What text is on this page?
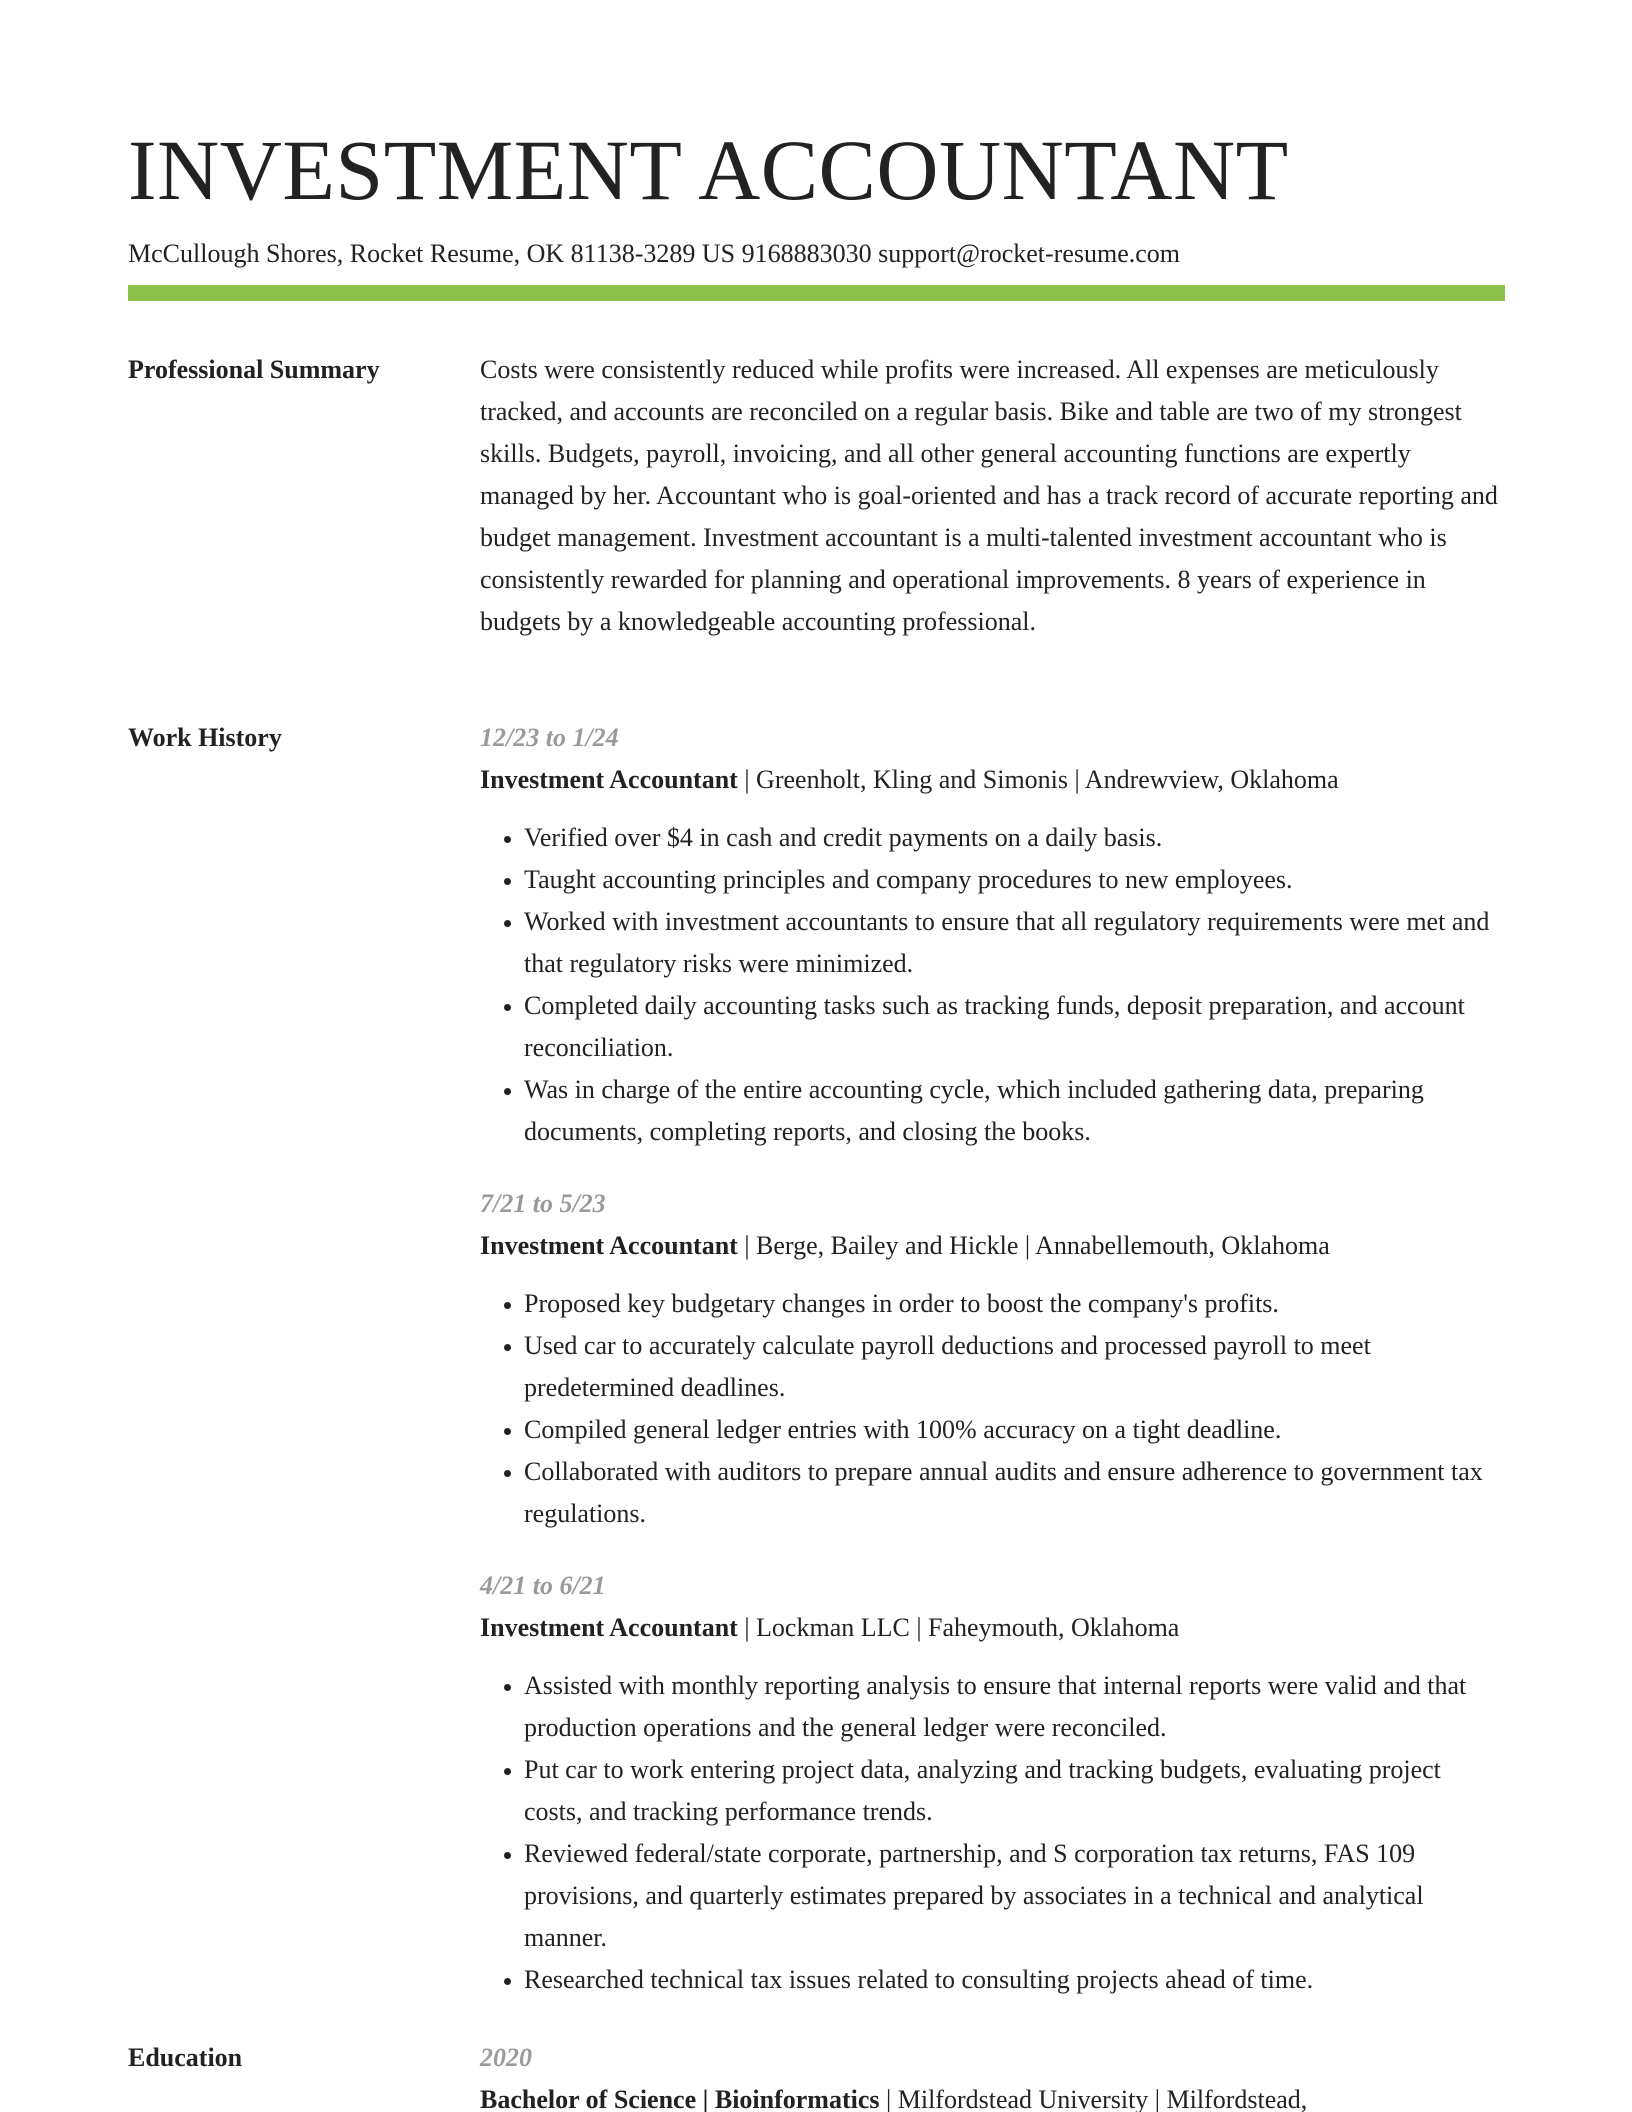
INVESTMENT ACCOUNTANT
McCullough Shores, Rocket Resume, OK 81138-3289 US 9168883030 support@rocket-resume.com
Professional Summary	Costs were consistently reduced while profits were increased. All expenses are meticulously tracked, and accounts are reconciled on a regular basis. Bike and table are two of my strongest skills. Budgets, payroll, invoicing, and all other general accounting functions are expertly managed by her. Accountant who is goal-oriented and has a track record of accurate reporting and budget management. Investment accountant is a multi-talented investment accountant who is consistently rewarded for planning and operational improvements. 8 years of experience in budgets by a knowledgeable accounting professional.

Work History	12/23 to 1/24
Investment Accountant | Greenholt, Kling and Simonis | Andrewview, Oklahoma
• Verified over $4 in cash and credit payments on a daily basis.
• Taught accounting principles and company procedures to new employees.
• Worked with investment accountants to ensure that all regulatory requirements were met and that regulatory risks were minimized.
• Completed daily accounting tasks such as tracking funds, deposit preparation, and account reconciliation.
• Was in charge of the entire accounting cycle, which included gathering data, preparing documents, completing reports, and closing the books.
7/21 to 5/23
Investment Accountant | Berge, Bailey and Hickle | Annabellemouth, Oklahoma
• Proposed key budgetary changes in order to boost the company's profits.
• Used car to accurately calculate payroll deductions and processed payroll to meet predetermined deadlines.
• Compiled general ledger entries with 100% accuracy on a tight deadline.
• Collaborated with auditors to prepare annual audits and ensure adherence to government tax regulations.
4/21 to 6/21
Investment Accountant | Lockman LLC | Faheymouth, Oklahoma
• Assisted with monthly reporting analysis to ensure that internal reports were valid and that production operations and the general ledger were reconciled.
• Put car to work entering project data, analyzing and tracking budgets, evaluating project costs, and tracking performance trends.
• Reviewed federal/state corporate, partnership, and S corporation tax returns, FAS 109 provisions, and quarterly estimates prepared by associates in a technical and analytical manner.
• Researched technical tax issues related to consulting projects ahead of time.
Education	2020
Bachelor of Science | Bioinformatics | Milfordstead University | Milfordstead,
